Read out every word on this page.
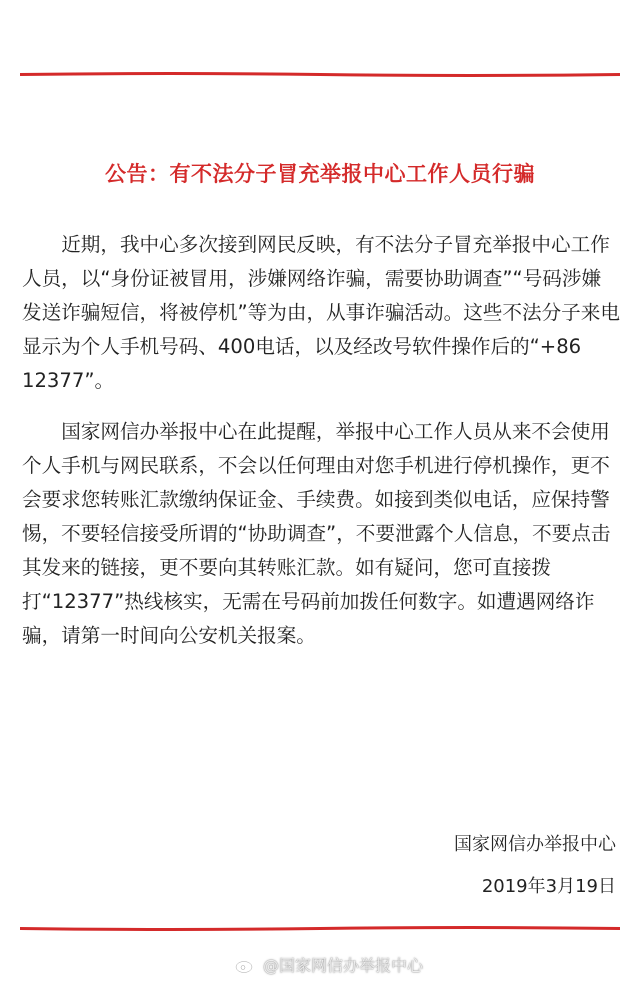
公告：有不法分子冒充举报中心工作人员行骗

近期，我中心多次接到网民反映，有不法分子冒充举报中心工作人员，以“身份证被冒用，涉嫌网络诈骗，需要协助调查”“号码涉嫌发送诈骗短信，将被停机”等为由，从事诈骗活动。这些不法分子来电显示为个人手机号码、400电话，以及经改号软件操作后的“+86 12377”。

国家网信办举报中心在此提醒，举报中心工作人员从来不会使用个人手机与网民联系，不会以任何理由对您手机进行停机操作，更不会要求您转账汇款缴纳保证金、手续费。如接到类似电话，应保持警惕，不要轻信接受所谓的“协助调查”，不要泄露个人信息，不要点击其发来的链接，更不要向其转账汇款。如有疑问，您可直接拨打“12377”热线核实，无需在号码前加拨任何数字。如遭遇网络诈骗，请第一时间向公安机关报案。

国家网信办举报中心
2019年3月19日
@国家网信办举报中心
